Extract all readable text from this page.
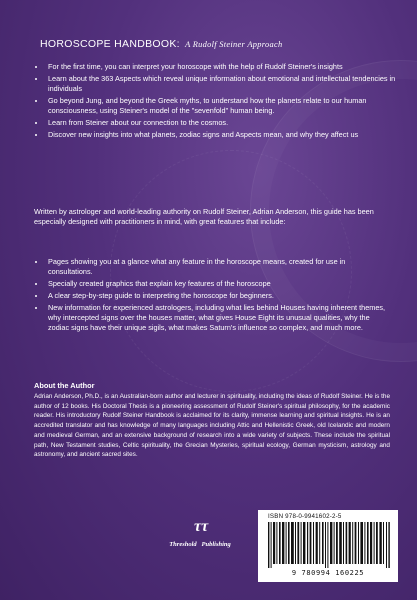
HOROSCOPE HANDBOOK: A Rudolf Steiner Approach
• For the first time, you can interpret your horoscope with the help of Rudolf Steiner's insights
• Learn about the 363 Aspects which reveal unique information about emotional and intellectual tendencies in individuals
• Go beyond Jung, and beyond the Greek myths, to understand how the planets relate to our human consciousness, using Steiner's model of the "sevenfold" human being.
• Learn from Steiner about our connection to the cosmos.
• Discover new insights into what planets, zodiac signs and Aspects mean, and why they affect us

Written by astrologer and world-leading authority on Rudolf Steiner, Adrian Anderson, this guide has been especially designed with practitioners in mind, with great features that include:

• Pages showing you at a glance what any feature in the horoscope means, created for use in consultations.
• Specially created graphics that explain key features of the horoscope
• A clear step-by-step guide to interpreting the horoscope for beginners.
• New information for experienced astrologers, including what lies behind Houses having inherent themes, why intercepted signs over the houses matter, what gives House Eight its unusual qualities, why the zodiac signs have their unique sigils, what makes Saturn's influence so complex, and much more.
About the Author

Adrian Anderson, Ph.D., is an Australian-born author and lecturer in spirituality, including the ideas of Rudolf Steiner. He is the author of 12 books. His Doctoral Thesis is a pioneering assessment of Rudolf Steiner's spiritual philosophy, for the academic reader. His introductory Rudolf Steiner Handbook is acclaimed for its clarity, immense learning and spiritual insights. He is an accredited translator and has knowledge of many languages including Attic and Hellenistic Greek, old Icelandic and modern and medieval German, and an extensive background of research into a wide variety of subjects. These include the spiritual path, New Testament studies, Celtic spirituality, the Grecian Mysteries, spiritual ecology, German mysticism, astrology and astronomy, and ancient sacred sites.

ττ
Threshold Publishing
ISBN 978-0-9941602-2-5
9 780994 160225
